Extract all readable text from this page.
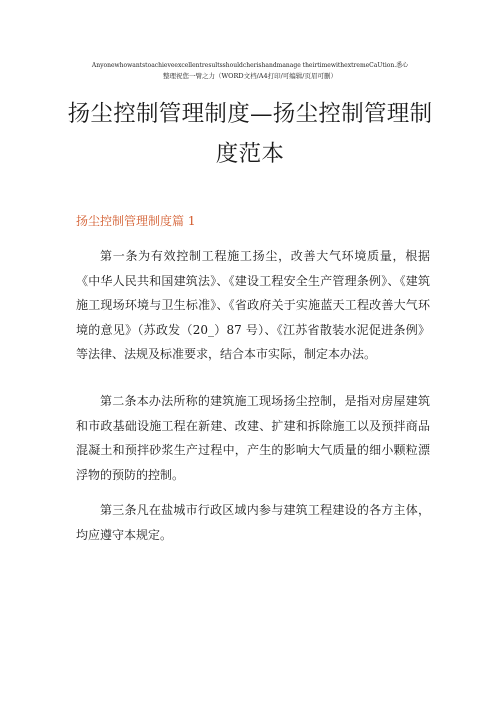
Anyonewhowantstoachieveexcellentresultsshouldcherishandmanage theirtimewithextremeCaUtion.悉心
整理祝您一臂之力（WORD文档/A4打印/可编辑/页眉可删）
扬尘控制管理制度—扬尘控制管理制度范本
扬尘控制管理制度篇 1

第一条为有效控制工程施工扬尘，改善大气环境质量，根据《中华人民共和国建筑法》、《建设工程安全生产管理条例》、《建筑施工现场环境与卫生标准》、《省政府关于实施蓝天工程改善大气环境的意见》（苏政发（20_）87 号）、《江苏省散装水泥促进条例》等法律、法规及标准要求，结合本市实际，制定本办法。

第二条本办法所称的建筑施工现场扬尘控制，是指对房屋建筑和市政基础设施工程在新建、改建、扩建和拆除施工以及预拌商品混凝土和预拌砂浆生产过程中，产生的影响大气质量的细小颗粒漂浮物的预防的控制。

第三条凡在盐城市行政区域内参与建筑工程建设的各方主体，均应遵守本规定。
